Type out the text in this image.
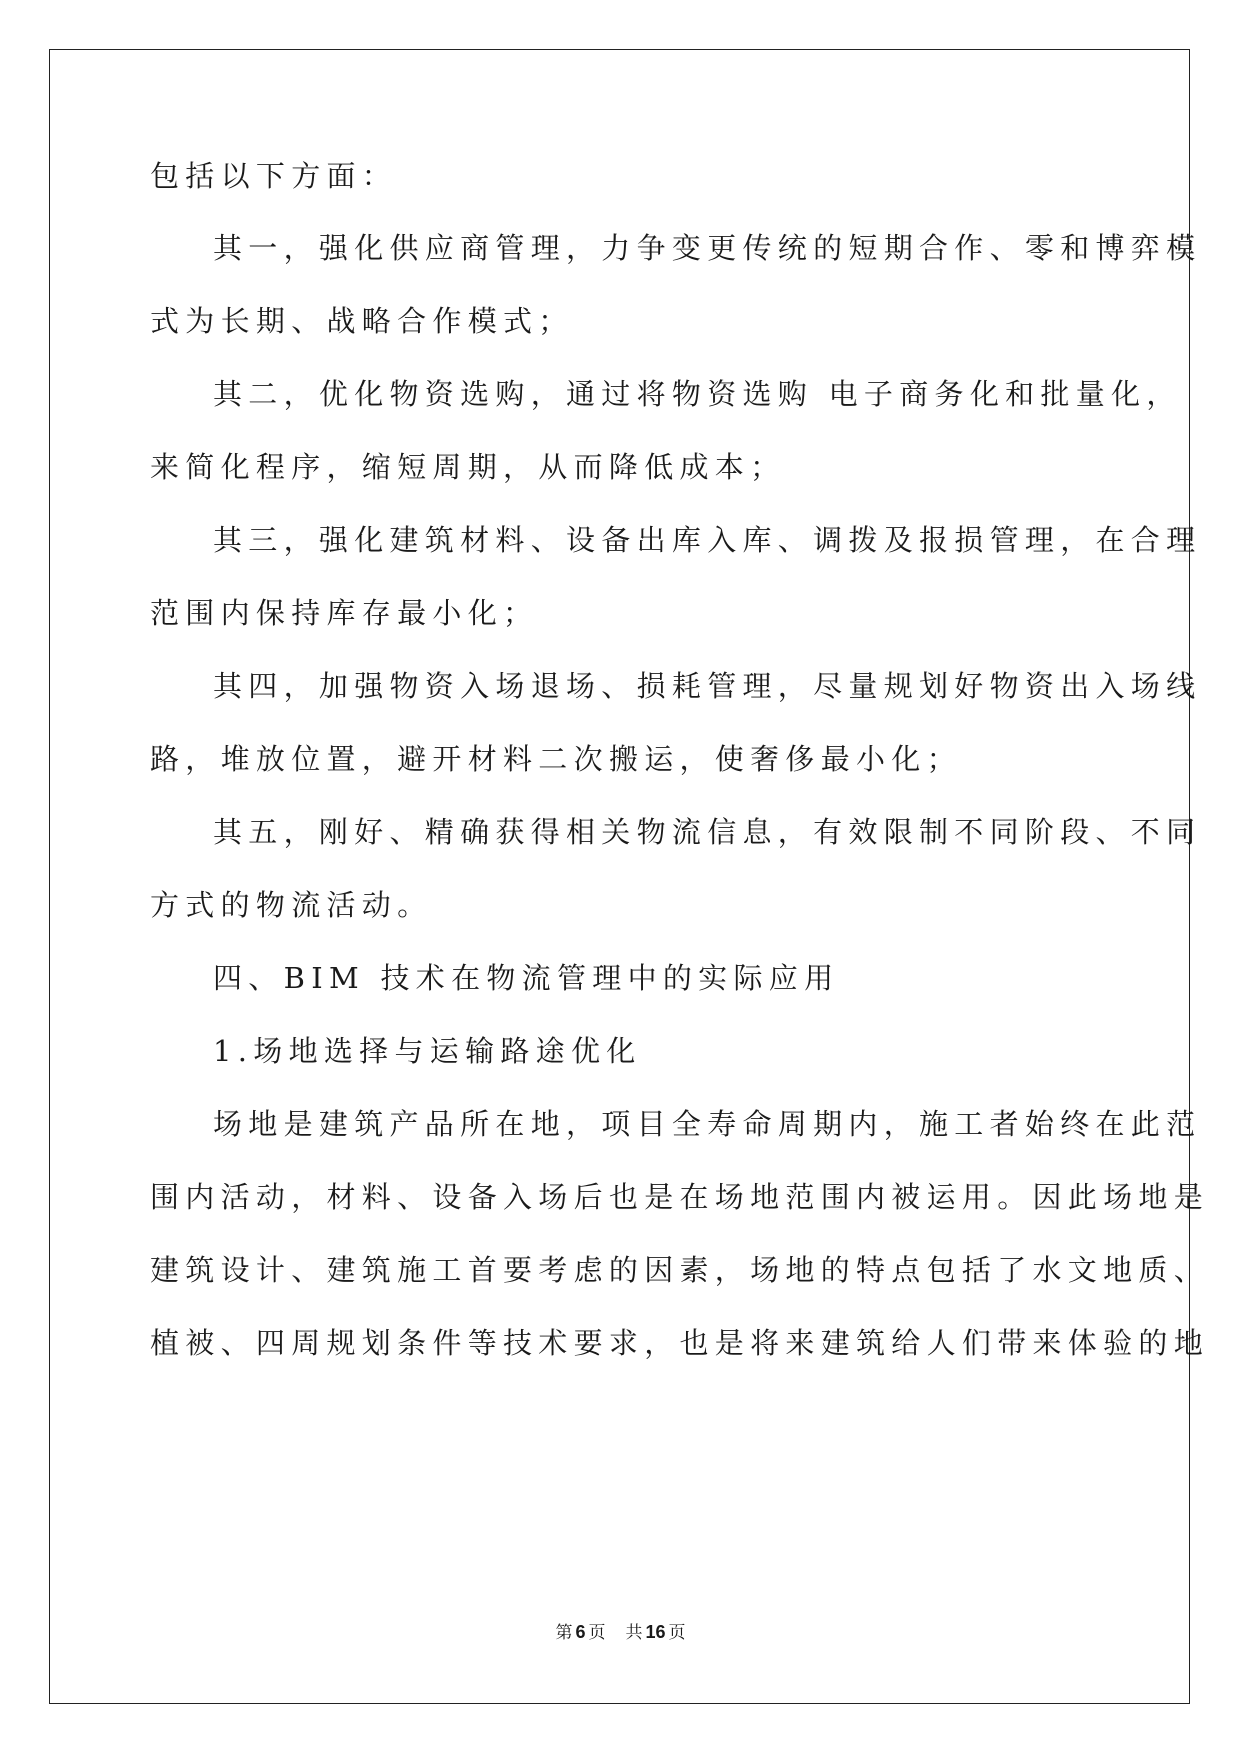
包括以下方面：
其一，强化供应商管理，力争变更传统的短期合作、零和博弈模
式为长期、战略合作模式；
其二，优化物资选购，通过将物资选购 电子商务化和批量化，
来简化程序，缩短周期，从而降低成本；
其三，强化建筑材料、设备出库入库、调拨及报损管理，在合理
范围内保持库存最小化；
其四，加强物资入场退场、损耗管理，尽量规划好物资出入场线
路，堆放位置，避开材料二次搬运，使奢侈最小化；
其五，刚好、精确获得相关物流信息，有效限制不同阶段、不同
方式的物流活动。
四、BIM 技术在物流管理中的实际应用
1.场地选择与运输路途优化
场地是建筑产品所在地，项目全寿命周期内，施工者始终在此范
围内活动，材料、设备入场后也是在场地范围内被运用。因此场地是
建筑设计、建筑施工首要考虑的因素，场地的特点包括了水文地质、
植被、四周规划条件等技术要求，也是将来建筑给人们带来体验的地
第 6 页 共 16 页
